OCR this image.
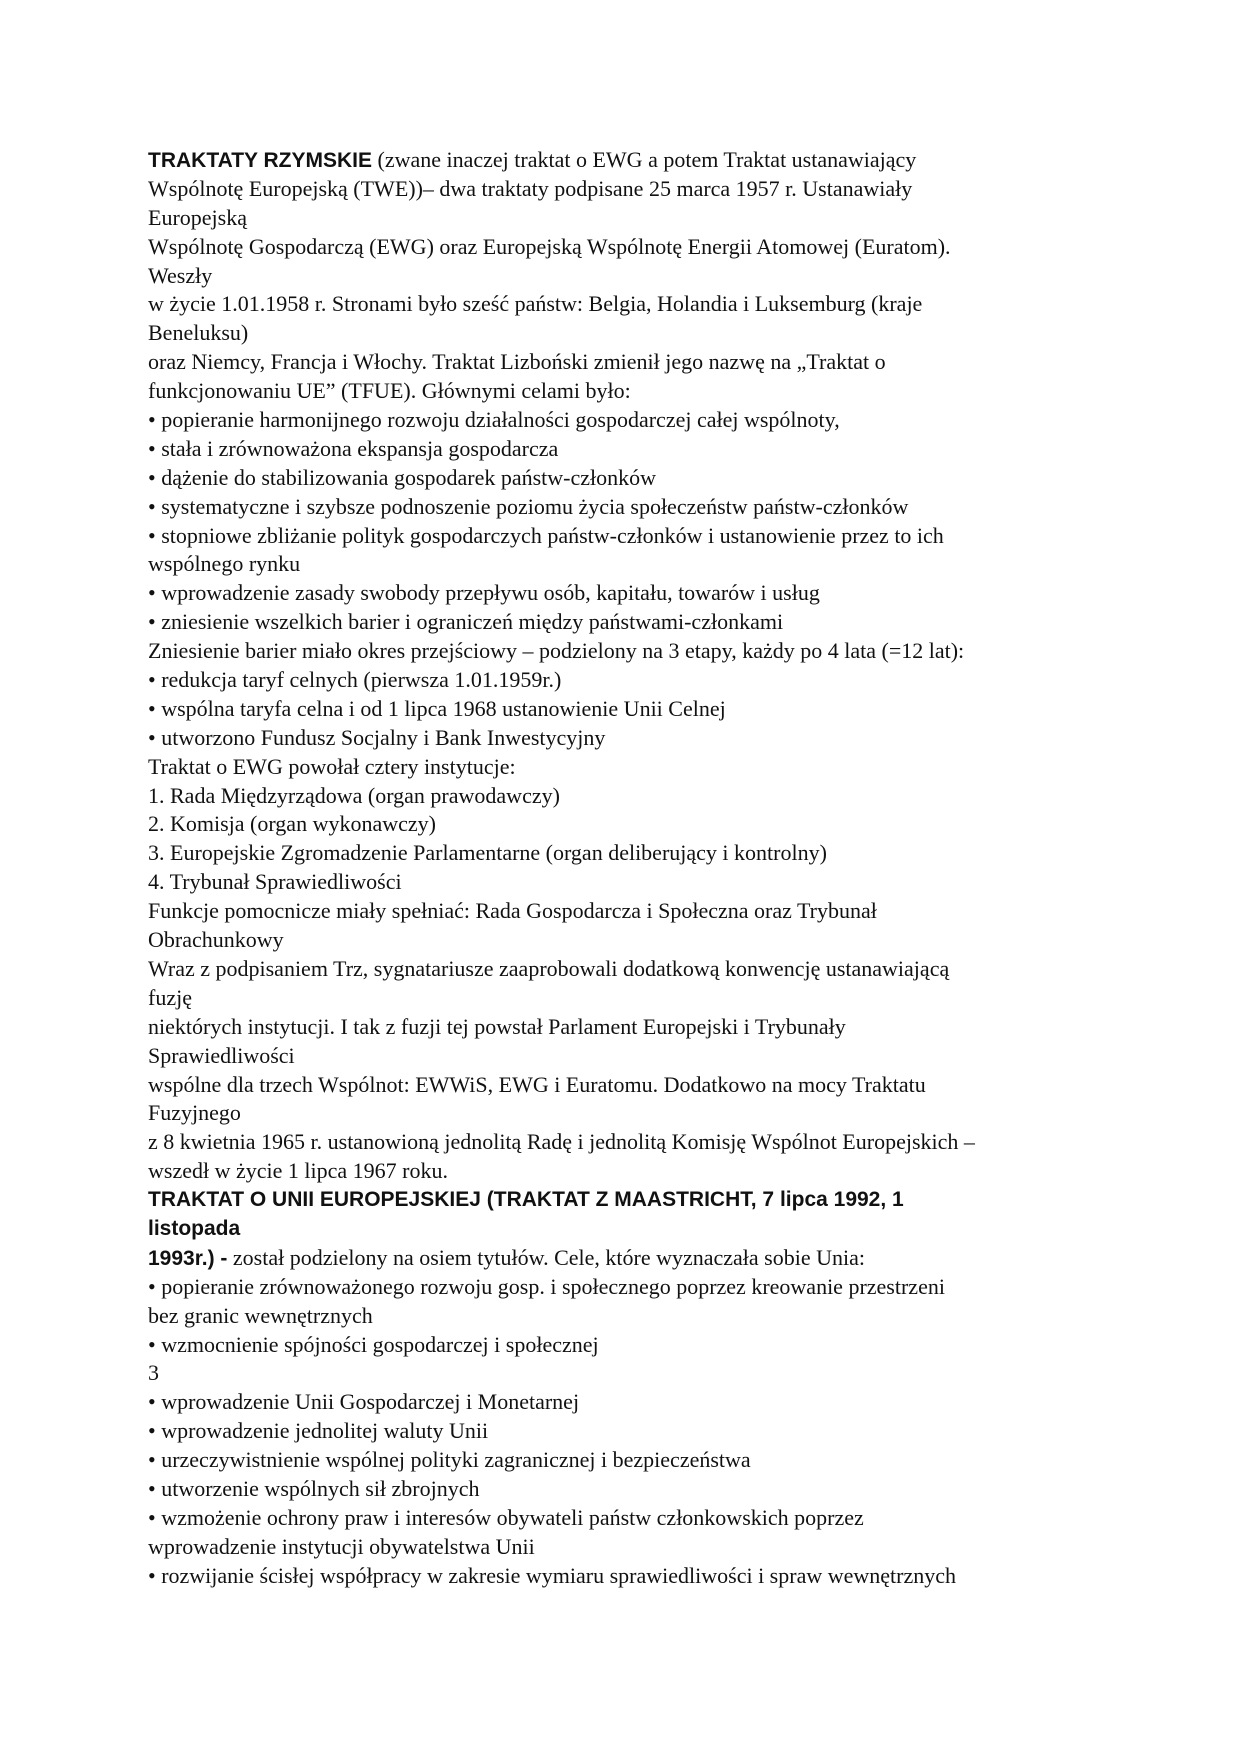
TRAKTATY RZYMSKIE (zwane inaczej traktat o EWG a potem Traktat ustanawiający
Wspólnotę Europejską (TWE))– dwa traktaty podpisane 25 marca 1957 r. Ustanawiały
Europejską
Wspólnotę Gospodarczą (EWG) oraz Europejską Wspólnotę Energii Atomowej (Euratom).
Weszły
w życie 1.01.1958 r. Stronami było sześć państw: Belgia, Holandia i Luksemburg (kraje
Beneluksu)
oraz Niemcy, Francja i Włochy. Traktat Lizboński zmienił jego nazwę na „Traktat o
funkcjonowaniu UE” (TFUE). Głównymi celami było:
• popieranie harmonijnego rozwoju działalności gospodarczej całej wspólnoty,
• stała i zrównoważona ekspansja gospodarcza
• dążenie do stabilizowania gospodarek państw-członków
• systematyczne i szybsze podnoszenie poziomu życia społeczeństw państw-członków
• stopniowe zbliżanie polityk gospodarczych państw-członków i ustanowienie przez to ich
wspólnego rynku
• wprowadzenie zasady swobody przepływu osób, kapitału, towarów i usług
• zniesienie wszelkich barier i ograniczeń między państwami-członkami
Zniesienie barier miało okres przejściowy – podzielony na 3 etapy, każdy po 4 lata (=12 lat):
• redukcja taryf celnych (pierwsza 1.01.1959r.)
• wspólna taryfa celna i od 1 lipca 1968 ustanowienie Unii Celnej
• utworzono Fundusz Socjalny i Bank Inwestycyjny
Traktat o EWG powołał cztery instytucje:
1. Rada Międzyrządowa (organ prawodawczy)
2. Komisja (organ wykonawczy)
3. Europejskie Zgromadzenie Parlamentarne (organ deliberujący i kontrolny)
4. Trybunał Sprawiedliwości
Funkcje pomocnicze miały spełniać: Rada Gospodarcza i Społeczna oraz Trybunał
Obrachunkowy
Wraz z podpisaniem Trz, sygnatariusze zaaprobowali dodatkową konwencję ustanawiającą
fuzję
niektórych instytucji. I tak z fuzji tej powstał Parlament Europejski i Trybunały
Sprawiedliwości
wspólne dla trzech Wspólnot: EWWiS, EWG i Euratomu. Dodatkowo na mocy Traktatu
Fuzyjnego
z 8 kwietnia 1965 r. ustanowioną jednolitą Radę i jednolitą Komisję Wspólnot Europejskich –
wszedł w życie 1 lipca 1967 roku.
TRAKTAT O UNII EUROPEJSKIEJ (TRAKTAT Z MAASTRICHT, 7 lipca 1992, 1
listopada
1993r.) - został podzielony na osiem tytułów. Cele, które wyznaczała sobie Unia:
• popieranie zrównoważonego rozwoju gosp. i społecznego poprzez kreowanie przestrzeni
bez granic wewnętrznych
• wzmocnienie spójności gospodarczej i społecznej
3
• wprowadzenie Unii Gospodarczej i Monetarnej
• wprowadzenie jednolitej waluty Unii
• urzeczywistnienie wspólnej polityki zagranicznej i bezpieczeństwa
• utworzenie wspólnych sił zbrojnych
• wzmożenie ochrony praw i interesów obywateli państw członkowskich poprzez
wprowadzenie instytucji obywatelstwa Unii
• rozwijanie ścisłej współpracy w zakresie wymiaru sprawiedliwości i spraw wewnętrznych
